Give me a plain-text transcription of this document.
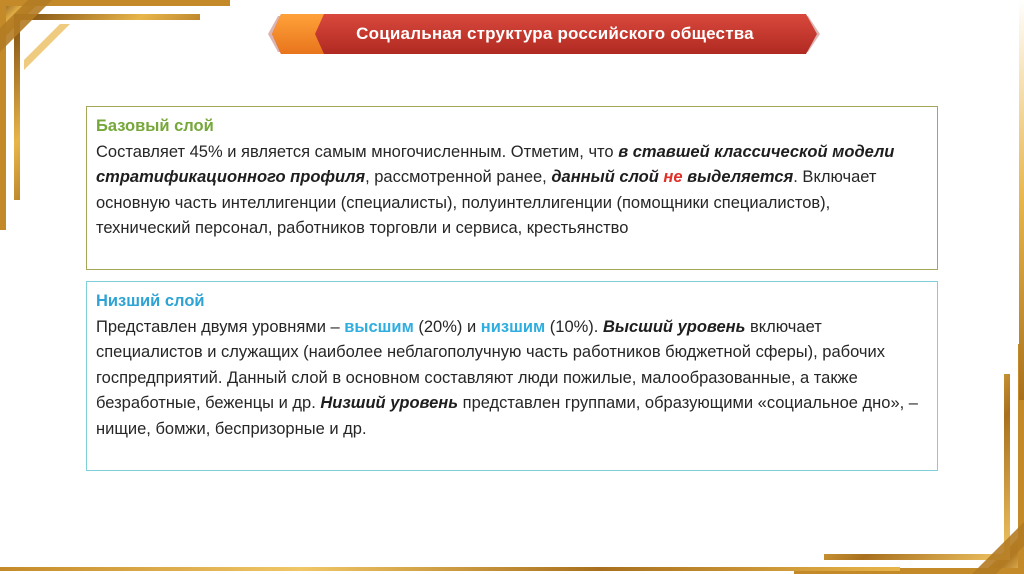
Социальная структура российского общества
Базовый слой
Составляет 45% и является самым многочисленным. Отметим, что в ставшей классической модели стратификационного профиля, рассмотренной ранее, данный слой не выделяется. Включает основную часть интеллигенции (специалисты), полуинтеллигенции (помощники специалистов), технический персонал, работников торговли и сервиса, крестьянство
Низший слой
Представлен двумя уровнями – высшим (20%) и низшим (10%). Высший уровень включает специалистов и служащих (наиболее неблагополучную часть работников бюджетной сферы), рабочих госпредприятий. Данный слой в основном составляют люди пожилые, малообразованные, а также безработные, беженцы и др. Низший уровень представлен группами, образующими «социальное дно», – нищие, бомжи, беспризорные и др.
Хамидуллин Б.И._https://vk.com/ege_oge_obshestv
